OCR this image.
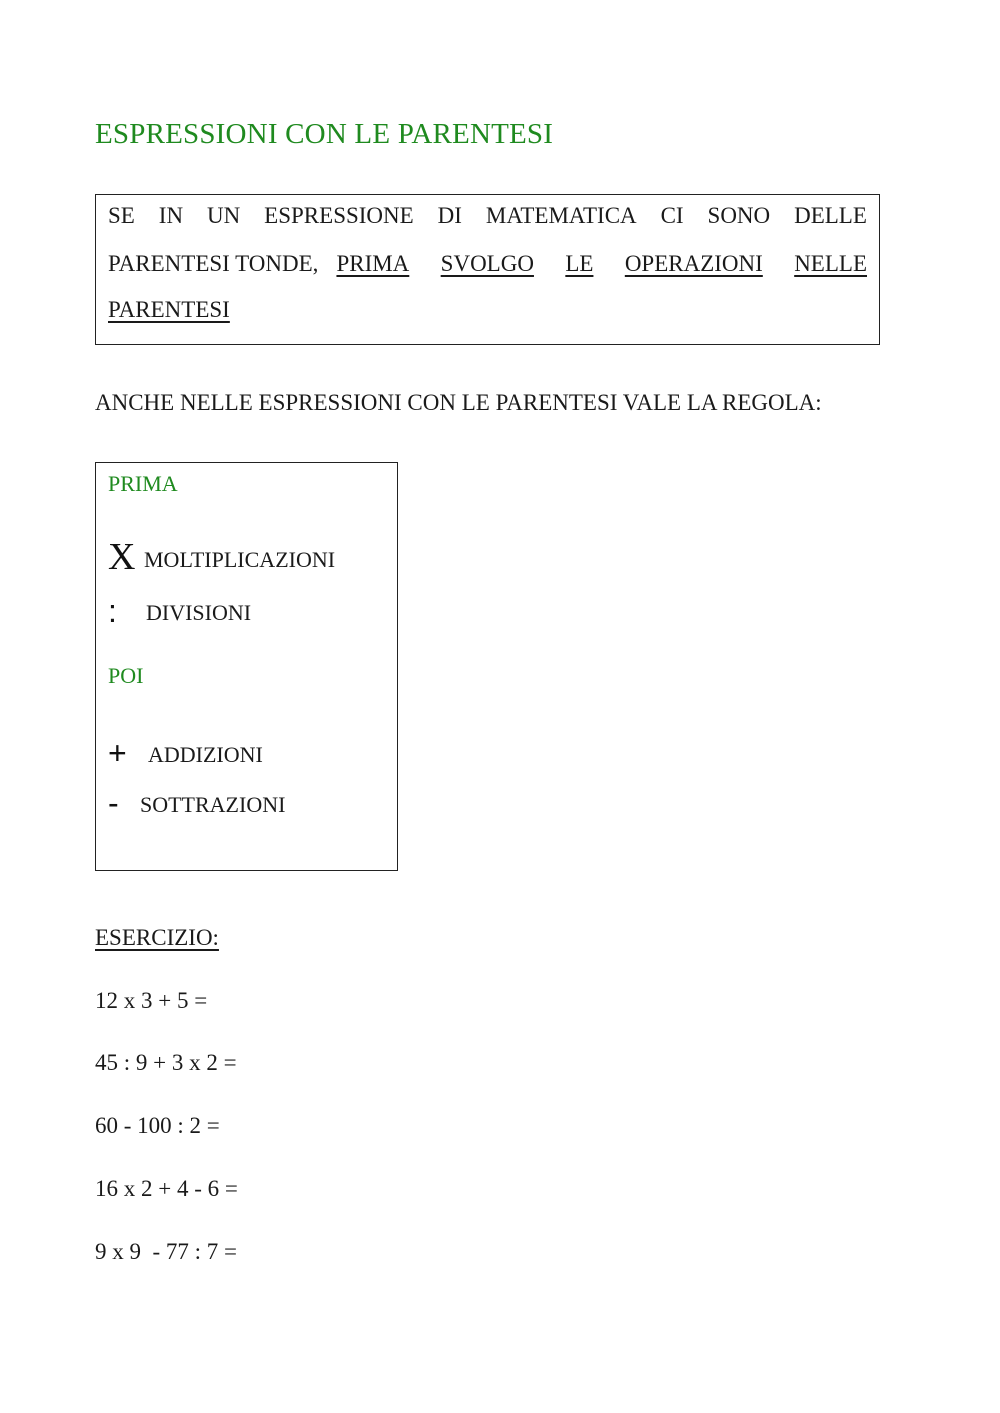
ESPRESSIONI CON LE PARENTESI
SE IN UN ESPRESSIONE DI MATEMATICA CI SONO DELLE
PARENTESI TONDE, PRIMA SVOLGO LE OPERAZIONI NELLE
PARENTESI
ANCHE NELLE ESPRESSIONI CON LE PARENTESI VALE LA REGOLA:
PRIMA
XMOLTIPLICAZIONI
: DIVISIONI
POI
+ ADDIZIONI
- SOTTRAZIONI
ESERCIZIO:
12 x 3 + 5 =
45 : 9 + 3 x 2 =
60 - 100 : 2 =
16 x 2 + 4 - 6 =
9 x 9  - 77 : 7 =
